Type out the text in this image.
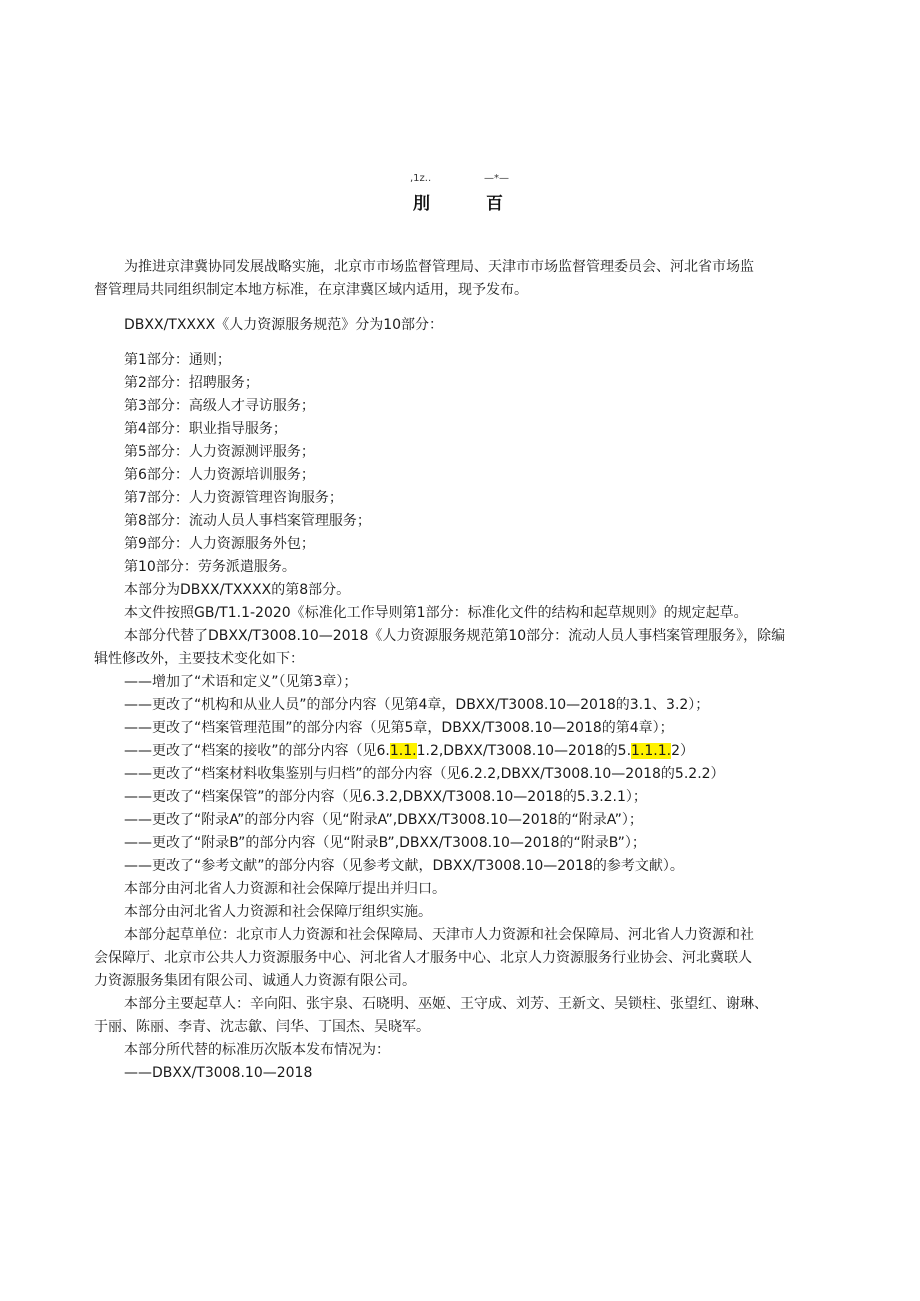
,1z..	—*—
刖	百
为推进京津冀协同发展战略实施，北京市市场监督管理局、天津市市场监督管理委员会、河北省市场监
督管理局共同组织制定本地方标准，在京津冀区域内适用，现予发布。
DBXX/TXXXX《人力资源服务规范》分为10部分：
第1部分：通则；
第2部分：招聘服务；
第3部分：高级人才寻访服务；
第4部分：职业指导服务；
第5部分：人力资源测评服务；
第6部分：人力资源培训服务；
第7部分：人力资源管理咨询服务；
第8部分：流动人员人事档案管理服务；
第9部分：人力资源服务外包；
第10部分：劳务派遣服务。
本部分为DBXX/TXXXX的第8部分。
本文件按照GB/T1.1-2020《标准化工作导则第1部分：标准化文件的结构和起草规则》的规定起草。
本部分代替了DBXX/T3008.10—2018《人力资源服务规范第10部分：流动人员人事档案管理服务》，除编
辑性修改外，主要技术变化如下：
——增加了“术语和定义”（见第3章）；
——更改了“机构和从业人员”的部分内容（见第4章，DBXX/T3008.10—2018的3.1、3.2）；
——更改了“档案管理范围”的部分内容（见第5章，DBXX/T3008.10—2018的第4章）；
——更改了“档案的接收”的部分内容（见6.1.1.1.2,DBXX/T3008.10—2018的5.1.1.1.2）
——更改了“档案材料收集鉴别与归档”的部分内容（见6.2.2,DBXX/T3008.10—2018的5.2.2）
——更改了“档案保管”的部分内容（见6.3.2,DBXX/T3008.10—2018的5.3.2.1）；
——更改了“附录A”的部分内容（见“附录A”,DBXX/T3008.10—2018的“附录A”）；
——更改了“附录B”的部分内容（见“附录B”,DBXX/T3008.10—2018的“附录B”）；
——更改了“参考文献”的部分内容（见参考文献，DBXX/T3008.10—2018的参考文献）。
本部分由河北省人力资源和社会保障厅提出并归口。
本部分由河北省人力资源和社会保障厅组织实施。
本部分起草单位：北京市人力资源和社会保障局、天津市人力资源和社会保障局、河北省人力资源和社
会保障厅、北京市公共人力资源服务中心、河北省人才服务中心、北京人力资源服务行业协会、河北冀联人
力资源服务集团有限公司、诚通人力资源有限公司。
本部分主要起草人：辛向阳、张宇泉、石晓明、巫姬、王守成、刘芳、王新文、吴锁柱、张望红、谢琳、
于丽、陈丽、李青、沈志歙、闫华、丁国杰、吴晓军。
本部分所代替的标准历次版本发布情况为：
——DBXX/T3008.10—2018
